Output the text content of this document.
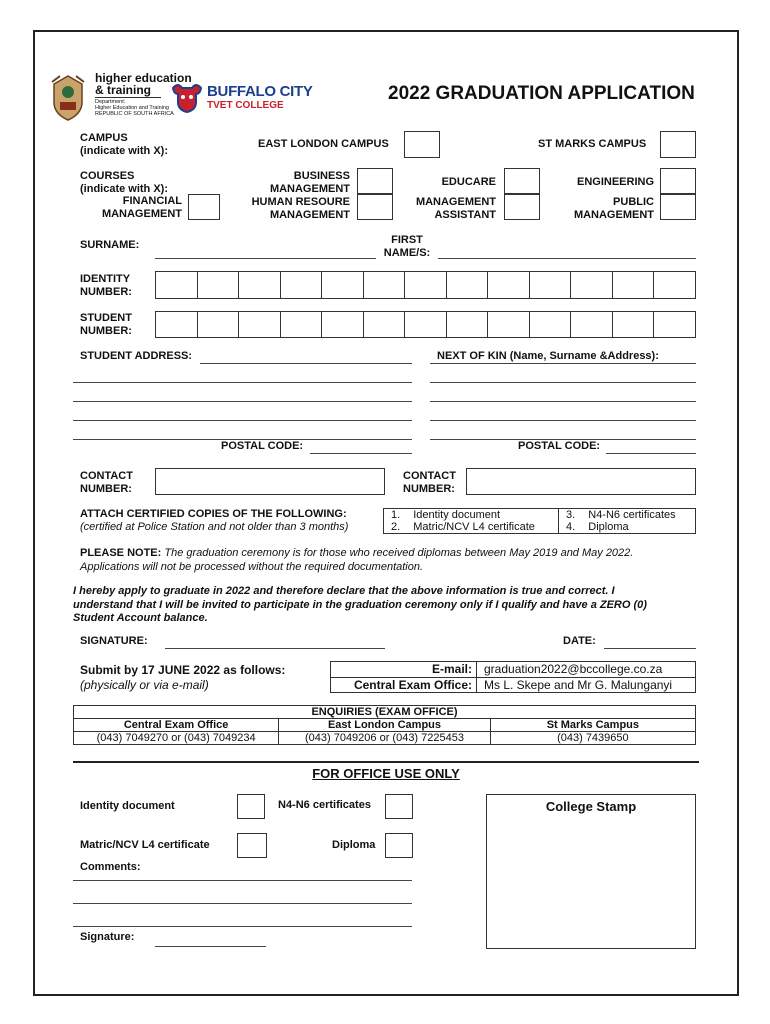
higher education
& training
Department:
Higher Education and Training
REPUBLIC OF SOUTH AFRICA
BUFFALO CITY
TVET COLLEGE
2022 GRADUATION APPLICATION
CAMPUS
(indicate with X):
EAST LONDON CAMPUS	ST MARKS CAMPUS
COURSES
(indicate with X):
FINANCIAL
MANAGEMENT
BUSINESS
MANAGEMENT
HUMAN RESOURE
MANAGEMENT
EDUCARE
MANAGEMENT
ASSISTANT
ENGINEERING
PUBLIC
MANAGEMENT
SURNAME:	FIRST
NAME/S:
IDENTITY
NUMBER:
STUDENT
NUMBER:
STUDENT ADDRESS:
POSTAL CODE:
NEXT OF KIN (Name, Surname &Address):
POSTAL CODE:
CONTACT
NUMBER:
CONTACT
NUMBER:
ATTACH CERTIFIED COPIES OF THE FOLLOWING:
(certified at Police Station and not older than 3 months)
1. Identity document
2. Matric/NCV L4 certificate
3. N4-N6 certificates
4. Diploma
PLEASE NOTE: The graduation ceremony is for those who received diplomas between May 2019 and May 2022.
Applications will not be processed without the required documentation.
I hereby apply to graduate in 2022 and therefore declare that the above information is true and correct. I
understand that I will be invited to participate in the graduation ceremony only if I qualify and have a ZERO (0)
Student Account balance.
SIGNATURE:	DATE:
Submit by 17 JUNE 2022 as follows:
(physically or via e-mail)
E-mail: graduation2022@bccollege.co.za
Central Exam Office: Ms L. Skepe and Mr G. Malunganyi
ENQUIRIES (EXAM OFFICE)		
Central Exam Office	East London Campus	St Marks Campus
(043) 7049270 or (043) 7049234	(043) 7049206 or (043) 7225453	(043) 7439650
FOR OFFICE USE ONLY
Identity document	N4-N6 certificates
Matric/NCV L4 certificate	Diploma
Comments:
Signature:
College Stamp
